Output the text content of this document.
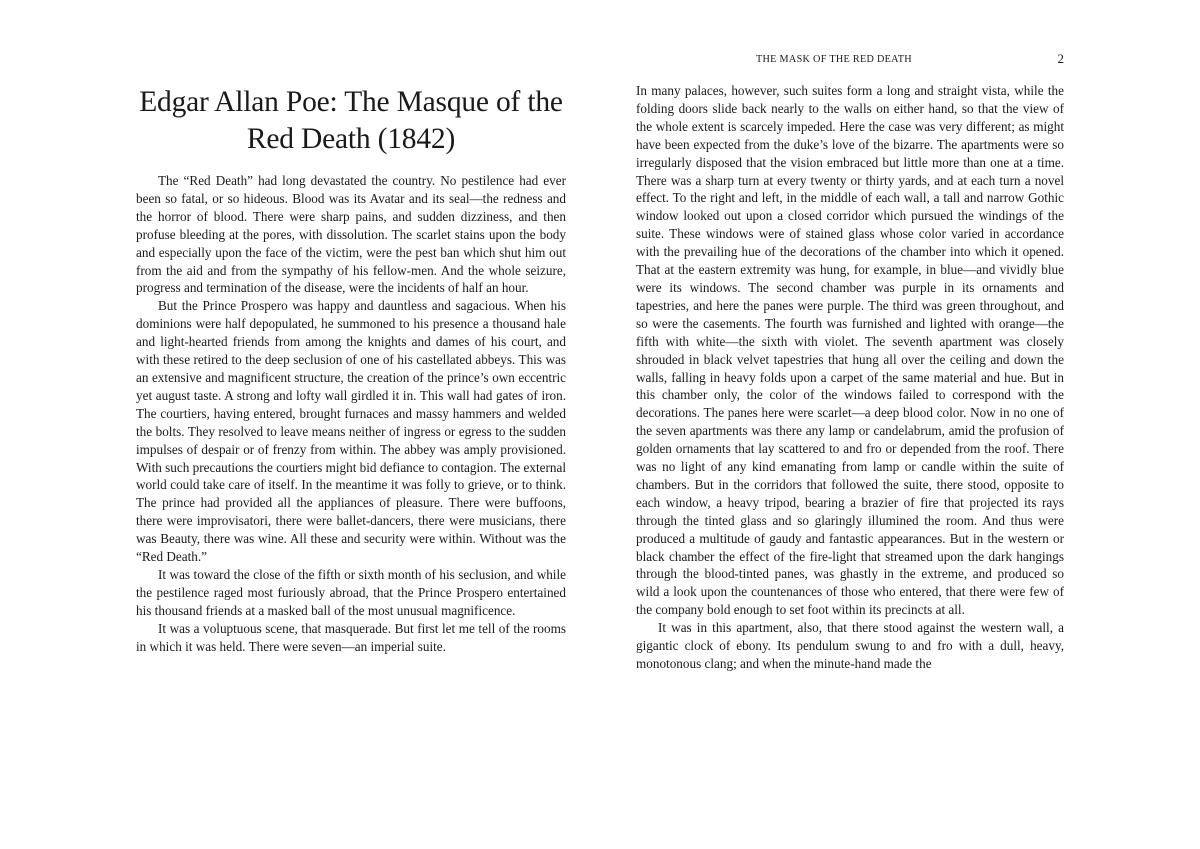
Edgar Allan Poe: The Masque of the Red Death (1842)

The “Red Death” had long devastated the country. No pestilence had ever been so fatal, or so hideous. Blood was its Avatar and its seal—the redness and the horror of blood. There were sharp pains, and sudden dizziness, and then profuse bleeding at the pores, with dissolution. The scarlet stains upon the body and especially upon the face of the victim, were the pest ban which shut him out from the aid and from the sympathy of his fellow-men. And the whole seizure, progress and termination of the disease, were the incidents of half an hour.

But the Prince Prospero was happy and dauntless and sagacious. When his dominions were half depopulated, he summoned to his presence a thousand hale and light-hearted friends from among the knights and dames of his court, and with these retired to the deep seclusion of one of his castellated abbeys. This was an extensive and magnificent structure, the creation of the prince’s own eccentric yet august taste. A strong and lofty wall girdled it in. This wall had gates of iron. The courtiers, having entered, brought furnaces and massy hammers and welded the bolts. They resolved to leave means neither of ingress or egress to the sudden impulses of despair or of frenzy from within. The abbey was amply provisioned. With such precautions the courtiers might bid defiance to contagion. The external world could take care of itself. In the meantime it was folly to grieve, or to think. The prince had provided all the appliances of pleasure. There were buffoons, there were improvisatori, there were ballet-dancers, there were musicians, there was Beauty, there was wine. All these and security were within. Without was the “Red Death.”

It was toward the close of the fifth or sixth month of his seclusion, and while the pestilence raged most furiously abroad, that the Prince Prospero entertained his thousand friends at a masked ball of the most unusual magnificence.

It was a voluptuous scene, that masquerade. But first let me tell of the rooms in which it was held. There were seven—an imperial suite.

THE MASK OF THE RED DEATH	2

In many palaces, however, such suites form a long and straight vista, while the folding doors slide back nearly to the walls on either hand, so that the view of the whole extent is scarcely impeded. Here the case was very different; as might have been expected from the duke’s love of the bizarre. The apartments were so irregularly disposed that the vision embraced but little more than one at a time. There was a sharp turn at every twenty or thirty yards, and at each turn a novel effect. To the right and left, in the middle of each wall, a tall and narrow Gothic window looked out upon a closed corridor which pursued the windings of the suite. These windows were of stained glass whose color varied in accordance with the prevailing hue of the decorations of the chamber into which it opened. That at the eastern extremity was hung, for example, in blue—and vividly blue were its windows. The second chamber was purple in its ornaments and tapestries, and here the panes were purple. The third was green throughout, and so were the casements. The fourth was furnished and lighted with orange—the fifth with white—the sixth with violet. The seventh apartment was closely shrouded in black velvet tapestries that hung all over the ceiling and down the walls, falling in heavy folds upon a carpet of the same material and hue. But in this chamber only, the color of the windows failed to correspond with the decorations. The panes here were scarlet—a deep blood color. Now in no one of the seven apartments was there any lamp or candelabrum, amid the profusion of golden ornaments that lay scattered to and fro or depended from the roof. There was no light of any kind emanating from lamp or candle within the suite of chambers. But in the corridors that followed the suite, there stood, opposite to each window, a heavy tripod, bearing a brazier of fire that projected its rays through the tinted glass and so glaringly illumined the room. And thus were produced a multitude of gaudy and fantastic appearances. But in the western or black chamber the effect of the fire-light that streamed upon the dark hangings through the blood-tinted panes, was ghastly in the extreme, and produced so wild a look upon the countenances of those who entered, that there were few of the company bold enough to set foot within its precincts at all.

It was in this apartment, also, that there stood against the western wall, a gigantic clock of ebony. Its pendulum swung to and fro with a dull, heavy, monotonous clang; and when the minute-hand made the
